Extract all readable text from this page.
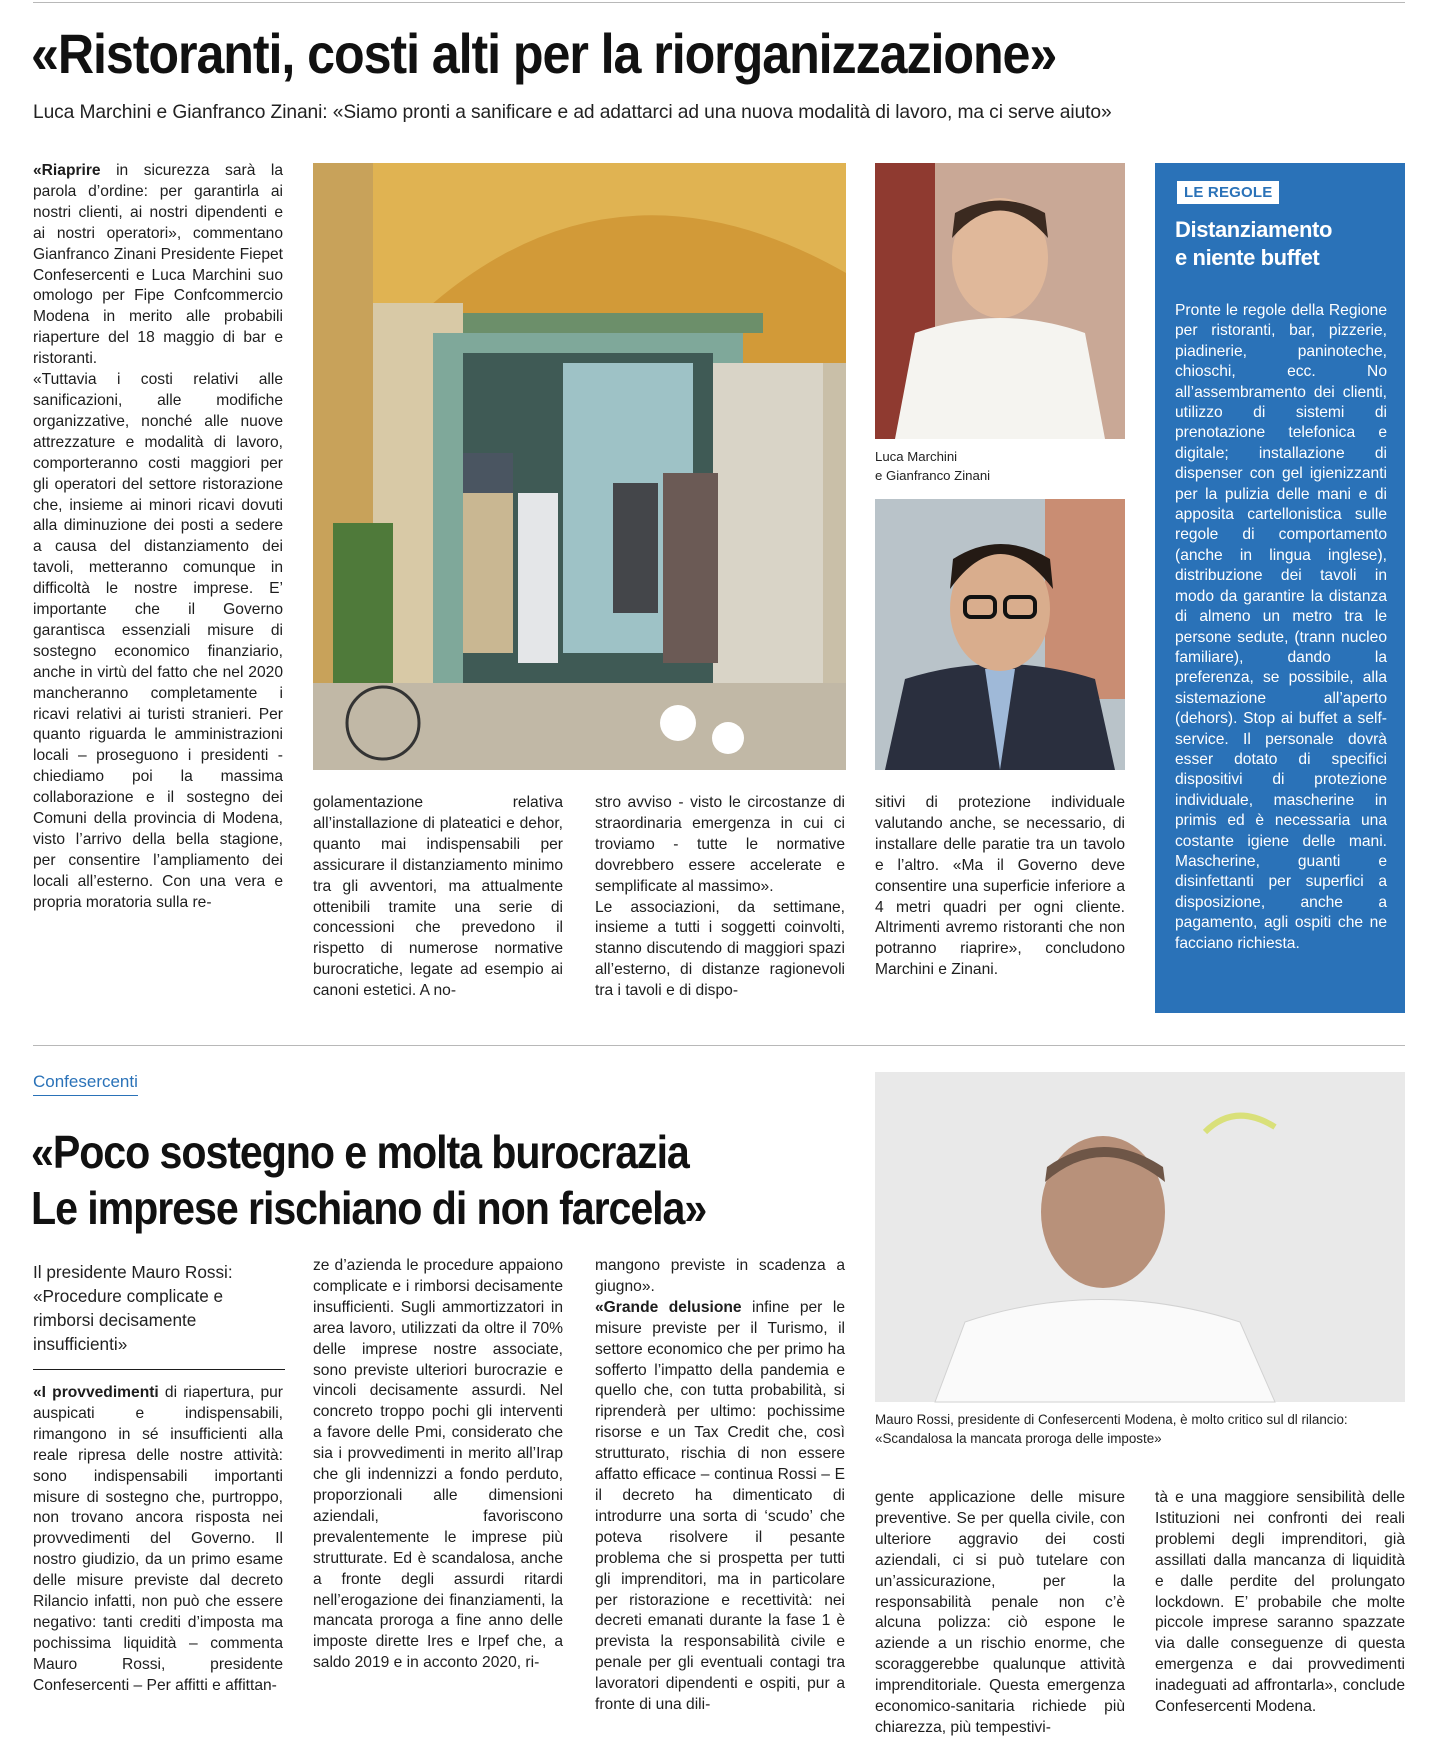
«Ristoranti, costi alti per la riorganizzazione»
Luca Marchini e Gianfranco Zinani: «Siamo pronti a sanificare e ad adattarci ad una nuova modalità di lavoro, ma ci serve aiuto»

«Riaprire in sicurezza sarà la parola d’ordine: per garantirla ai nostri clienti, ai nostri dipendenti e ai nostri operatori», commentano Gianfranco Zinani Presidente Fiepet Confesercenti e Luca Marchini suo omologo per Fipe Confcommercio Modena in merito alle probabili riaperture del 18 maggio di bar e ristoranti.

«Tuttavia i costi relativi alle sanificazioni, alle modifiche organizzative, nonché alle nuove attrezzature e modalità di lavoro, comporteranno costi maggiori per gli operatori del settore ristorazione che, insieme ai minori ricavi dovuti alla diminuzione dei posti a sedere a causa del distanziamento dei tavoli, metteranno comunque in difficoltà le nostre imprese. E’ importante che il Governo garantisca essenziali misure di sostegno economico finanziario, anche in virtù del fatto che nel 2020 mancheranno completamente i ricavi relativi ai turisti stranieri. Per quanto riguarda le amministrazioni locali – proseguono i presidenti - chiediamo poi la massima collaborazione e il sostegno dei Comuni della provincia di Modena, visto l’arrivo della bella stagione, per consentire l’ampliamento dei locali all’esterno. Con una vera e propria moratoria sulla re-

golamentazione relativa all’installazione di plateatici e dehor, quanto mai indispensabili per assicurare il distanziamento minimo tra gli avventori, ma attualmente ottenibili tramite una serie di concessioni che prevedono il rispetto di numerose normative burocratiche, legate ad esempio ai canoni estetici. A no-

stro avviso - visto le circostanze di straordinaria emergenza in cui ci troviamo - tutte le normative dovrebbero essere accelerate e semplificate al massimo».

Le associazioni, da settimane, insieme a tutti i soggetti coinvolti, stanno discutendo di maggiori spazi all’esterno, di distanze ragionevoli tra i tavoli e di dispo-

Luca Marchini
e Gianfranco Zinani

sitivi di protezione individuale valutando anche, se necessario, di installare delle paratie tra un tavolo e l’altro. «Ma il Governo deve consentire una superficie inferiore a 4 metri quadri per ogni cliente. Altrimenti avremo ristoranti che non potranno riaprire», concludono Marchini e Zinani.

LE REGOLE
Distanziamento
e niente buffet
Pronte le regole della Regione per ristoranti, bar, pizzerie, piadinerie, paninoteche, chioschi, ecc. No all’assembramento dei clienti, utilizzo di sistemi di prenotazione telefonica e digitale; installazione di dispenser con gel igienizzanti per la pulizia delle mani e di apposita cartellonistica sulle regole di comportamento (anche in lingua inglese), distribuzione dei tavoli in modo da garantire la distanza di almeno un metro tra le persone sedute, (trann nucleo familiare), dando la preferenza, se possibile, alla sistemazione all’aperto (dehors). Stop ai buffet a self-service. Il personale dovrà esser dotato di specifici dispositivi di protezione individuale, mascherine in primis ed è necessaria una costante igiene delle mani. Mascherine, guanti e disinfettanti per superfici a disposizione, anche a pagamento, agli ospiti che ne facciano richiesta.
Confesercenti
«Poco sostegno e molta burocrazia
Le imprese rischiano di non farcela»
Il presidente Mauro Rossi: «Procedure complicate e rimborsi decisamente insufficienti»

«I provvedimenti di riapertura, pur auspicati e indispensabili, rimangono in sé insufficienti alla reale ripresa delle nostre attività: sono indispensabili importanti misure di sostegno che, purtroppo, non trovano ancora risposta nei provvedimenti del Governo. Il nostro giudizio, da un primo esame delle misure previste dal decreto Rilancio infatti, non può che essere negativo: tanti crediti d’imposta ma pochissima liquidità – commenta Mauro Rossi, presidente Confesercenti – Per affitti e affittan-

ze d’azienda le procedure appaiono complicate e i rimborsi decisamente insufficienti. Sugli ammortizzatori in area lavoro, utilizzati da oltre il 70% delle imprese nostre associate, sono previste ulteriori burocrazie e vincoli decisamente assurdi. Nel concreto troppo pochi gli interventi a favore delle Pmi, considerato che sia i provvedimenti in merito all’Irap che gli indennizzi a fondo perduto, proporzionali alle dimensioni aziendali, favoriscono prevalentemente le imprese più strutturate. Ed è scandalosa, anche a fronte degli assurdi ritardi nell’erogazione dei finanziamenti, la mancata proroga a fine anno delle imposte dirette Ires e Irpef che, a saldo 2019 e in acconto 2020, ri-

mangono previste in scadenza a giugno».

«Grande delusione infine per le misure previste per il Turismo, il settore economico che per primo ha sofferto l’impatto della pandemia e quello che, con tutta probabilità, si riprenderà per ultimo: pochissime risorse e un Tax Credit che, così strutturato, rischia di non essere affatto efficace – continua Rossi – E il decreto ha dimenticato di introdurre una sorta di ‘scudo’ che poteva risolvere il pesante problema che si prospetta per tutti gli imprenditori, ma in particolare per ristorazione e recettività: nei decreti emanati durante la fase 1 è prevista la responsabilità civile e penale per gli eventuali contagi tra lavoratori dipendenti e ospiti, pur a fronte di una dili-

Mauro Rossi, presidente di Confesercenti Modena, è molto critico sul dl rilancio: «Scandalosa la mancata proroga delle imposte»

gente applicazione delle misure preventive. Se per quella civile, con ulteriore aggravio dei costi aziendali, ci si può tutelare con un’assicurazione, per la responsabilità penale non c’è alcuna polizza: ciò espone le aziende a un rischio enorme, che scoraggerebbe qualunque attività imprenditoriale. Questa emergenza economico-sanitaria richiede più chiarezza, più tempestivi-

tà e una maggiore sensibilità delle Istituzioni nei confronti dei reali problemi degli imprenditori, già assillati dalla mancanza di liquidità e dalle perdite del prolungato lockdown. E’ probabile che molte piccole imprese saranno spazzate via dalle conseguenze di questa emergenza e dai provvedimenti inadeguati ad affrontarla», conclude Confesercenti Modena.
